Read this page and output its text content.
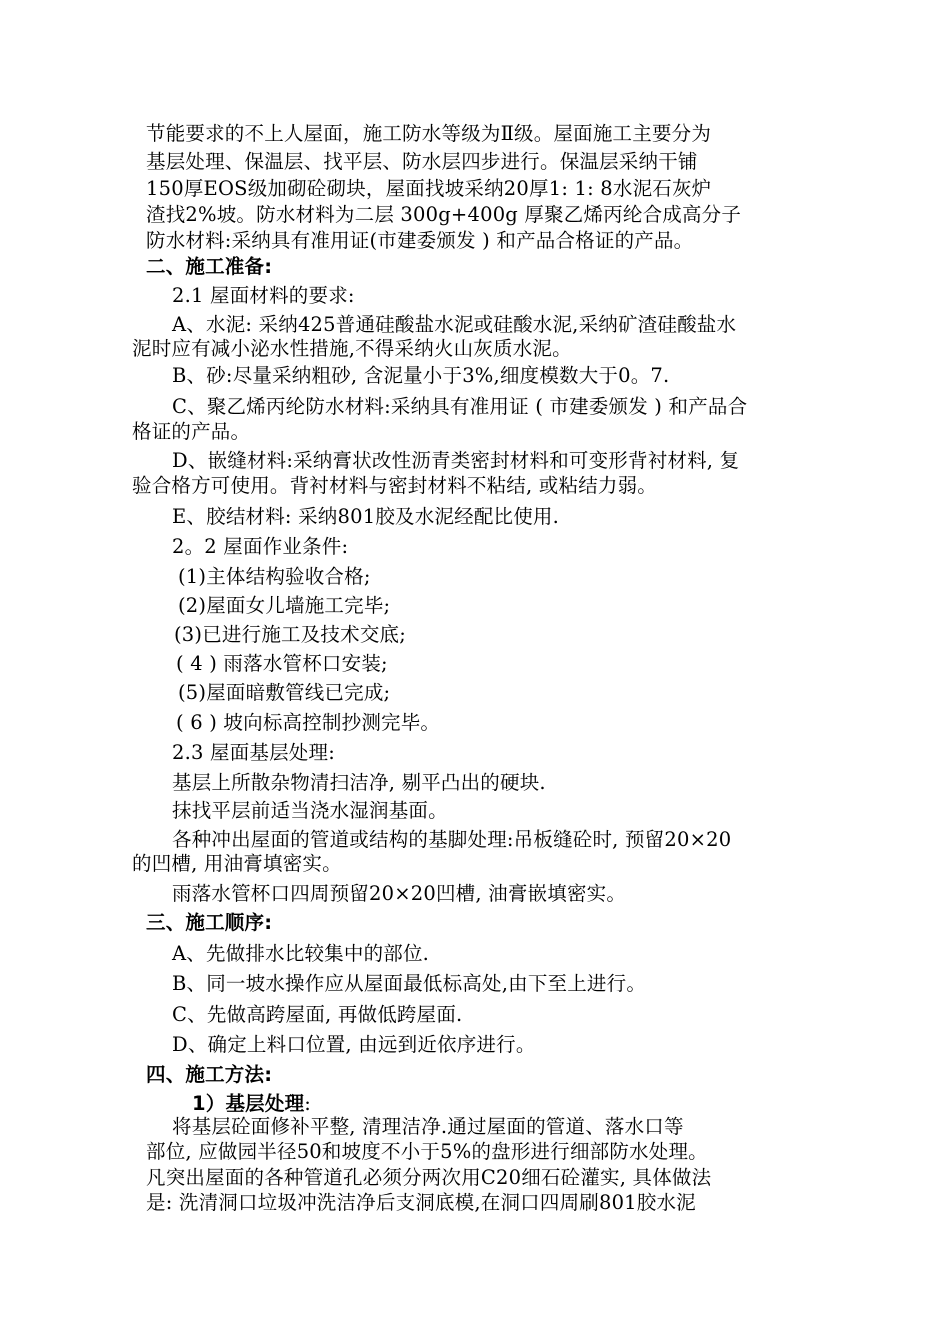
节能要求的不上人屋面，施工防水等级为Ⅱ级。屋面施工主要分为
基层处理、保温层、找平层、防水层四步进行。保温层采纳干铺
150厚EOS级加砌砼砌块，屋面找坡采纳20厚1: 1: 8水泥石灰炉
渣找2%坡。防水材料为二层 300g+400g 厚聚乙烯丙纶合成高分子
防水材料:采纳具有准用证(市建委颁发 ) 和产品合格证的产品。
二、施工准备:
2.1 屋面材料的要求:
A、水泥: 采纳425普通硅酸盐水泥或硅酸水泥,采纳矿渣硅酸盐水
泥时应有减小泌水性措施,不得采纳火山灰质水泥。
B、砂:尽量采纳粗砂, 含泥量小于3%,细度模数大于0。7.
C、聚乙烯丙纶防水材料:采纳具有准用证 ( 市建委颁发 ) 和产品合
格证的产品。
D、嵌缝材料:采纳膏状改性沥青类密封材料和可变形背衬材料, 复
验合格方可使用。背衬材料与密封材料不粘结, 或粘结力弱。
E、胶结材料: 采纳801胶及水泥经配比使用.
2。2 屋面作业条件:
(1)主体结构验收合格;
(2)屋面女儿墙施工完毕;
(3)已进行施工及技术交底;
( 4 ) 雨落水管杯口安装;
(5)屋面暗敷管线已完成;
( 6 ) 坡向标高控制抄测完毕。
2.3 屋面基层处理:
基层上所散杂物清扫洁净, 剔平凸出的硬块.
抹找平层前适当浇水湿润基面。
各种冲出屋面的管道或结构的基脚处理:吊板缝砼时, 预留20×20
的凹槽, 用油膏填密实。
雨落水管杯口四周预留20×20凹槽, 油膏嵌填密实。
三、施工顺序:
A、先做排水比较集中的部位.
B、同一坡水操作应从屋面最低标高处,由下至上进行。
C、先做高跨屋面, 再做低跨屋面.
D、确定上料口位置, 由远到近依序进行。
四、施工方法:
1）基层处理:
将基层砼面修补平整, 清理洁净.通过屋面的管道、落水口等
部位, 应做园半径50和坡度不小于5%的盘形进行细部防水处理。
凡突出屋面的各种管道孔必须分两次用C20细石砼灌实, 具体做法
是: 洗清洞口垃圾冲洗洁净后支洞底模,在洞口四周刷801胶水泥
